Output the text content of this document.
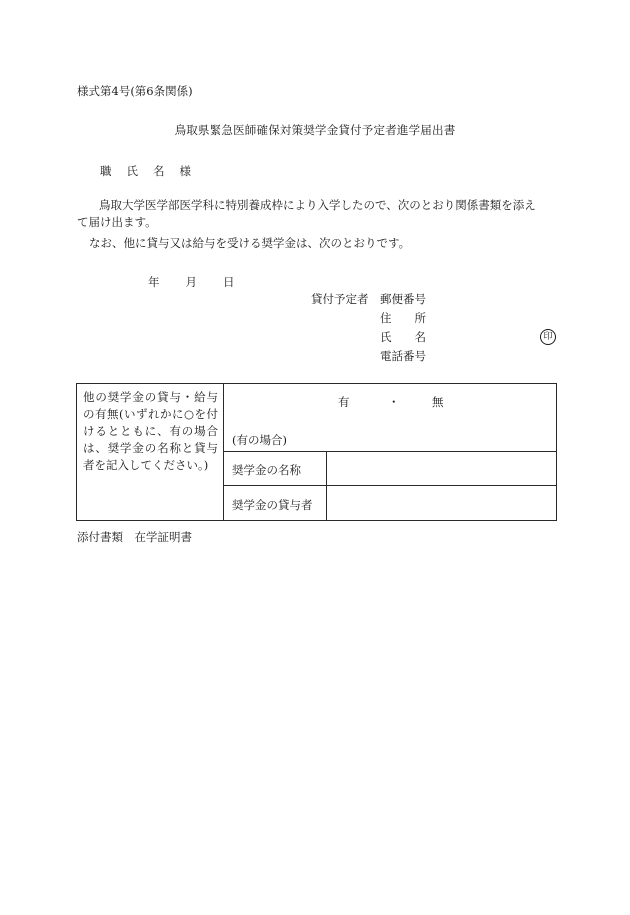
様式第4号(第6条関係)
鳥取県緊急医師確保対策奨学金貸付予定者進学届出書
職 氏 名 様
鳥取大学医学部医学科に特別養成枠により入学したので、次のとおり関係書類を添え
て届け出ます。
なお、他に貸与又は給与を受ける奨学金は、次のとおりです。
年 月 日
貸付予定者 郵便番号
住　　所
氏　　名
電話番号
印
他の奨学金の貸与・給与の有無(いずれかに○を付けるとともに、有の場合は、奨学金の名称と貸与者を記入してください。)
有	・	無
(有の場合)
奨学金の名称
奨学金の貸与者
添付書類　在学証明書
